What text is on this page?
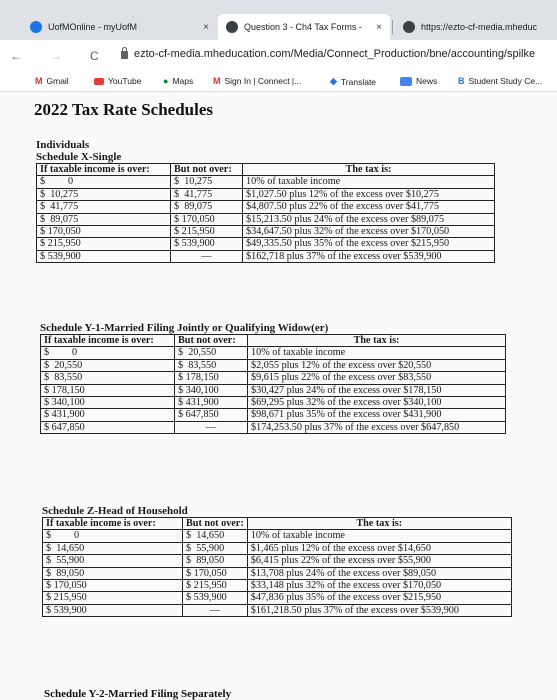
UofMOnline - myUofM	×	Question 3 - Ch4 Tax Forms - ×	https://ezto-cf-media.mheduc
← → C	ezto-cf-media.mheducation.com/Media/Connect_Production/bne/accounting/spilke
M Gmail	YouTube ● Maps M Sign In | Connect |...	◆ Translate	News B Student Study Ce...
2022 Tax Rate Schedules
Individuals
Schedule X-Single
If taxable income is over:	But not over:	The tax is:
$         0	$  10,275	10% of taxable income
$  10,275	$  41,775	$1,027.50 plus 12% of the excess over $10,275
$  41,775	$  89,075	$4,807.50 plus 22% of the excess over $41,775
$  89,075	$ 170,050	$15,213.50 plus 24% of the excess over $89,075
$ 170,050	$ 215,950	$34,647.50 plus 32% of the excess over $170,050
$ 215,950	$ 539,900	$49,335.50 plus 35% of the excess over $215,950
$ 539,900	—	$162,718 plus 37% of the excess over $539,900
Schedule Y-1-Married Filing Jointly or Qualifying Widow(er)
If taxable income is over:	But not over:	The tax is:
$         0	$  20,550	10% of taxable income
$  20,550	$  83,550	$2,055 plus 12% of the excess over $20,550
$  83,550	$ 178,150	$9,615 plus 22% of the excess over $83,550
$ 178,150	$ 340,100	$30,427 plus 24% of the excess over $178,150
$ 340,100	$ 431,900	$69,295 plus 32% of the excess over $340,100
$ 431,900	$ 647,850	$98,671 plus 35% of the excess over $431,900
$ 647,850	—	$174,253.50 plus 37% of the excess over $647,850
Schedule Z-Head of Household
If taxable income is over:	But not over:	The tax is:
$         0	$  14,650	10% of taxable income
$  14,650	$  55,900	$1,465 plus 12% of the excess over $14,650
$  55,900	$  89,050	$6,415 plus 22% of the excess over $55,900
$  89,050	$ 170,050	$13,708 plus 24% of the excess over $89,050
$ 170,050	$ 215,950	$33,148 plus 32% of the excess over $170,050
$ 215,950	$ 539,900	$47,836 plus 35% of the excess over $215,950
$ 539,900	—	$161,218.50 plus 37% of the excess over $539,900
Schedule Y-2-Married Filing Separately
